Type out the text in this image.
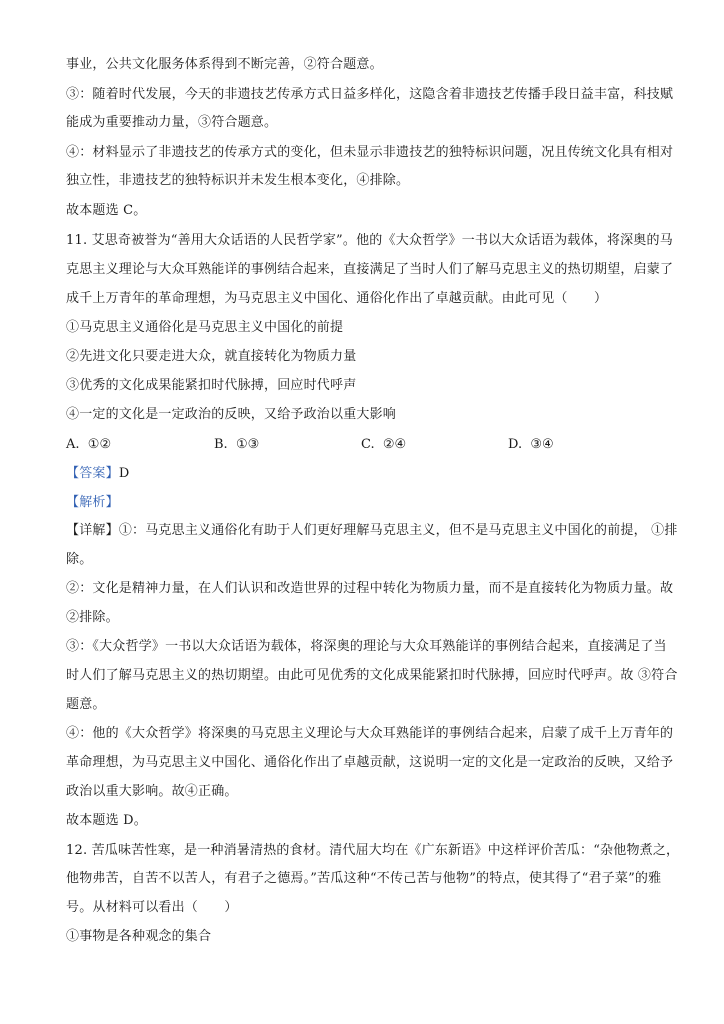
事业，公共文化服务体系得到不断完善，②符合题意。
③：随着时代发展，今天的非遗技艺传承方式日益多样化，这隐含着非遗技艺传播手段日益丰富，科技赋
能成为重要推动力量，③符合题意。
④：材料显示了非遗技艺的传承方式的变化，但未显示非遗技艺的独特标识问题，况且传统文化具有相对
独立性，非遗技艺的独特标识并未发生根本变化，④排除。
故本题选 C。
11. 艾思奇被誉为“善用大众话语的人民哲学家”。他的《大众哲学》一书以大众话语为载体，将深奥的马
克思主义理论与大众耳熟能详的事例结合起来，直接满足了当时人们了解马克思主义的热切期望，启蒙了
成千上万青年的革命理想，为马克思主义中国化、通俗化作出了卓越贡献。由此可见（　　）
①马克思主义通俗化是马克思主义中国化的前提
②先进文化只要走进大众，就直接转化为物质力量
③优秀的文化成果能紧扣时代脉搏，回应时代呼声
④一定的文化是一定政治的反映，又给予政治以重大影响
A. ①②	B. ①③	C. ②④	D. ③④
【答案】D
【解析】
【详解】①：马克思主义通俗化有助于人们更好理解马克思主义，但不是马克思主义中国化的前提， ①排
除。
②：文化是精神力量，在人们认识和改造世界的过程中转化为物质力量，而不是直接转化为物质力量。故
②排除。
③：《大众哲学》一书以大众话语为载体，将深奥的理论与大众耳熟能详的事例结合起来，直接满足了当
时人们了解马克思主义的热切期望。由此可见优秀的文化成果能紧扣时代脉搏，回应时代呼声。故 ③符合
题意。
④：他的《大众哲学》将深奥的马克思主义理论与大众耳熟能详的事例结合起来，启蒙了成千上万青年的
革命理想，为马克思主义中国化、通俗化作出了卓越贡献，这说明一定的文化是一定政治的反映，又给予
政治以重大影响。故④正确。
故本题选 D。
12. 苦瓜味苦性寒，是一种消暑清热的食材。清代屈大均在《广东新语》中这样评价苦瓜：“杂他物煮之，
他物弗苦，自苦不以苦人，有君子之德焉。”苦瓜这种“不传己苦与他物”的特点，使其得了“君子菜”的雅
号。从材料可以看出（　　）
①事物是各种观念的集合
